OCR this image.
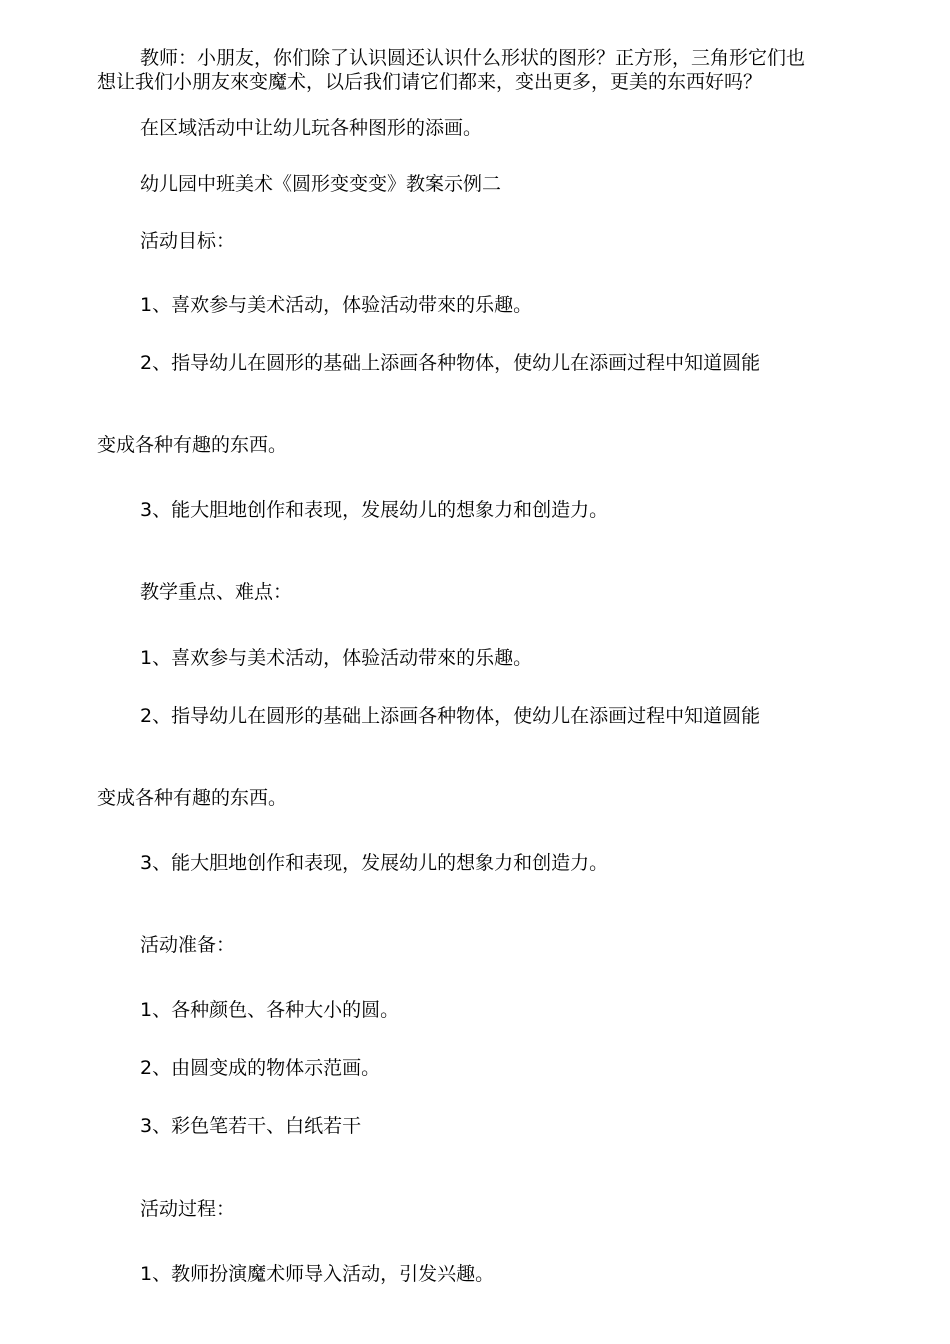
教师：小朋友，你们除了认识圆还认识什么形状的图形？正方形，三角形它们也

想让我们小朋友來变魔术，以后我们请它们都来，变出更多，更美的东西好吗？

在区域活动中让幼儿玩各种图形的添画。

幼儿园中班美术《圆形变变变》教案示例二

活动目标：

1、喜欢参与美术活动，体验活动带來的乐趣。

2、指导幼儿在圆形的基础上添画各种物体，使幼儿在添画过程中知道圆能

变成各种有趣的东西。

3、能大胆地创作和表现，发展幼儿的想象力和创造力。

教学重点、难点：

1、喜欢参与美术活动，体验活动带來的乐趣。

2、指导幼儿在圆形的基础上添画各种物体，使幼儿在添画过程中知道圆能

变成各种有趣的东西。

3、能大胆地创作和表现，发展幼儿的想象力和创造力。

活动准备：

1、各种颜色、各种大小的圆。

2、由圆变成的物体示范画。

3、彩色笔若干、白纸若干

活动过程：

1、教师扮演魔术师导入活动，引发兴趣。
